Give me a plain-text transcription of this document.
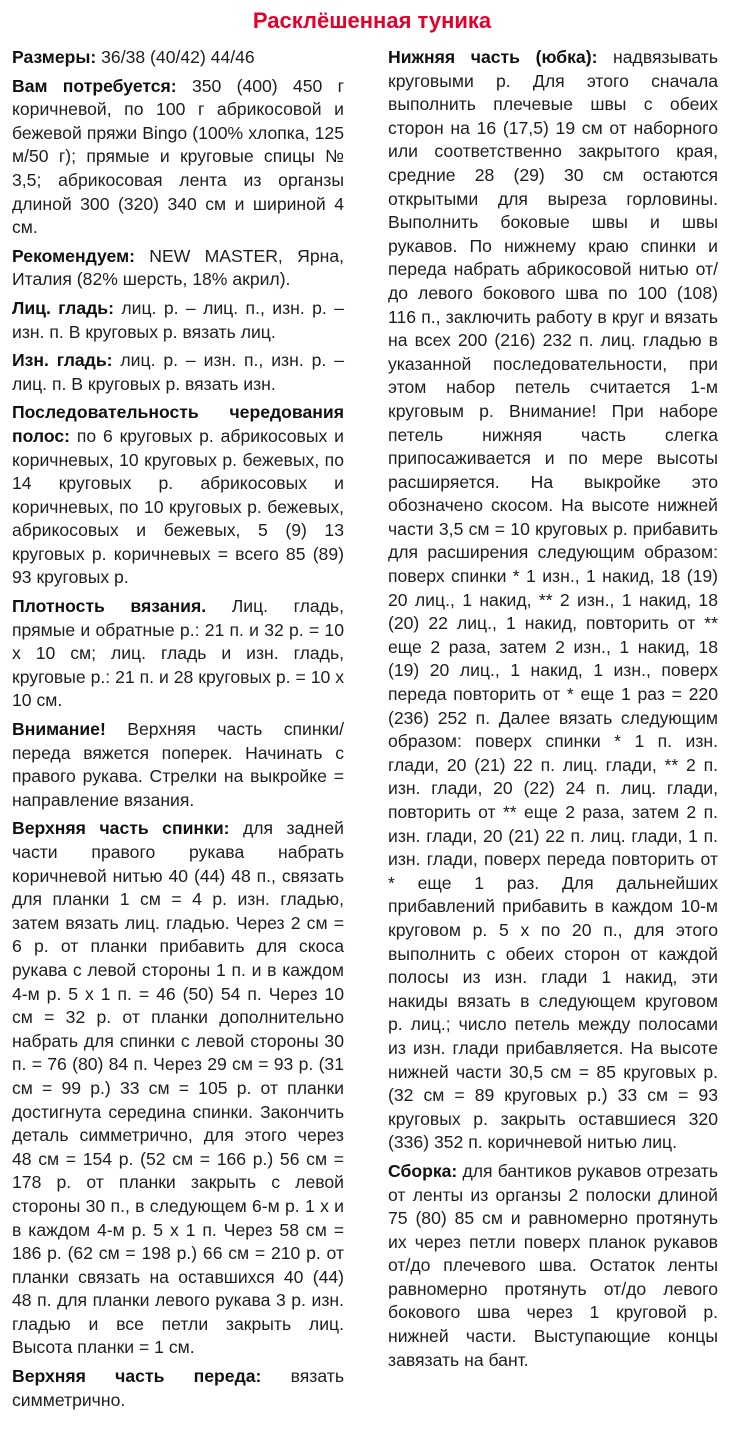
Расклёшенная туника

Размеры: 36/38 (40/42) 44/46

Вам потребуется: 350 (400) 450 г коричневой, по 100 г абрикосовой и бежевой пряжи Bingo (100% хлопка, 125 м/50 г); прямые и круговые спицы № 3,5; абрикосовая лента из органзы длиной 300 (320) 340 см и шириной 4 см.

Рекомендуем: NEW MASTER, Ярна, Италия (82% шерсть, 18% акрил).

Лиц. гладь: лиц. р. – лиц. п., изн. р. – изн. п. В круговых р. вязать лиц.

Изн. гладь: лиц. р. – изн. п., изн. р. – лиц. п. В круговых р. вязать изн.

Последовательность чередования полос: по 6 круговых р. абрикосовых и коричневых, 10 круговых р. бежевых, по 14 круговых р. абрикосовых и коричневых, по 10 круговых р. бежевых, абрикосовых и бежевых, 5 (9) 13 круговых р. коричневых = всего 85 (89) 93 круговых р.

Плотность вязания. Лиц. гладь, прямые и обратные р.: 21 п. и 32 р. = 10 х 10 см; лиц. гладь и изн. гладь, круговые р.: 21 п. и 28 круговых р. = 10 х 10 см.

Внимание! Верхняя часть спинки/переда вяжется поперек. Начинать с правого рукава. Стрелки на выкройке = направление вязания.

Верхняя часть спинки: для задней части правого рукава набрать коричневой нитью 40 (44) 48 п., связать для планки 1 см = 4 р. изн. гладью, затем вязать лиц. гладью. Через 2 см = 6 р. от планки прибавить для скоса рукава с левой стороны 1 п. и в каждом 4-м р. 5 х 1 п. = 46 (50) 54 п. Через 10 см = 32 р. от планки дополнительно набрать для спинки с левой стороны 30 п. = 76 (80) 84 п. Через 29 см = 93 р. (31 см = 99 р.) 33 см = 105 р. от планки достигнута середина спинки. Закончить деталь симметрично, для этого через 48 см = 154 р. (52 см = 166 р.) 56 см = 178 р. от планки закрыть с левой стороны 30 п., в следующем 6-м р. 1 х и в каждом 4-м р. 5 х 1 п. Через 58 см = 186 р. (62 см = 198 р.) 66 см = 210 р. от планки связать на оставшихся 40 (44) 48 п. для планки левого рукава 3 р. изн. гладью и все петли закрыть лиц. Высота планки = 1 см.

Верхняя часть переда: вязать симметрично.

Нижняя часть (юбка): надвязывать круговыми р. Для этого сначала выполнить плечевые швы с обеих сторон на 16 (17,5) 19 см от наборного или соответственно закрытого края, средние 28 (29) 30 см остаются открытыми для выреза горловины. Выполнить боковые швы и швы рукавов. По нижнему краю спинки и переда набрать абрикосовой нитью от/до левого бокового шва по 100 (108) 116 п., заключить работу в круг и вязать на всех 200 (216) 232 п. лиц. гладью в указанной последовательности, при этом набор петель считается 1-м круговым р. Внимание! При наборе петель нижняя часть слегка припосаживается и по мере высоты расширяется. На выкройке это обозначено скосом. На высоте нижней части 3,5 см = 10 круговых р. прибавить для расширения следующим образом: поверх спинки * 1 изн., 1 накид, 18 (19) 20 лиц., 1 накид, ** 2 изн., 1 накид, 18 (20) 22 лиц., 1 накид, повторить от ** еще 2 раза, затем 2 изн., 1 накид, 18 (19) 20 лиц., 1 накид, 1 изн., поверх переда повторить от * еще 1 раз = 220 (236) 252 п. Далее вязать следующим образом: поверх спинки * 1 п. изн. глади, 20 (21) 22 п. лиц. глади, ** 2 п. изн. глади, 20 (22) 24 п. лиц. глади, повторить от ** еще 2 раза, затем 2 п. изн. глади, 20 (21) 22 п. лиц. глади, 1 п. изн. глади, поверх переда повторить от * еще 1 раз. Для дальнейших прибавлений прибавить в каждом 10-м круговом р. 5 х по 20 п., для этого выполнить с обеих сторон от каждой полосы из изн. глади 1 накид, эти накиды вязать в следующем круговом р. лиц.; число петель между полосами из изн. глади прибавляется. На высоте нижней части 30,5 см = 85 круговых р. (32 см = 89 круговых р.) 33 см = 93 круговых р. закрыть оставшиеся 320 (336) 352 п. коричневой нитью лиц.

Сборка: для бантиков рукавов отрезать от ленты из органзы 2 полоски длиной 75 (80) 85 см и равномерно протянуть их через петли поверх планок рукавов от/до плечевого шва. Остаток ленты равномерно протянуть от/до левого бокового шва через 1 круговой р. нижней части. Выступающие концы завязать на бант.
